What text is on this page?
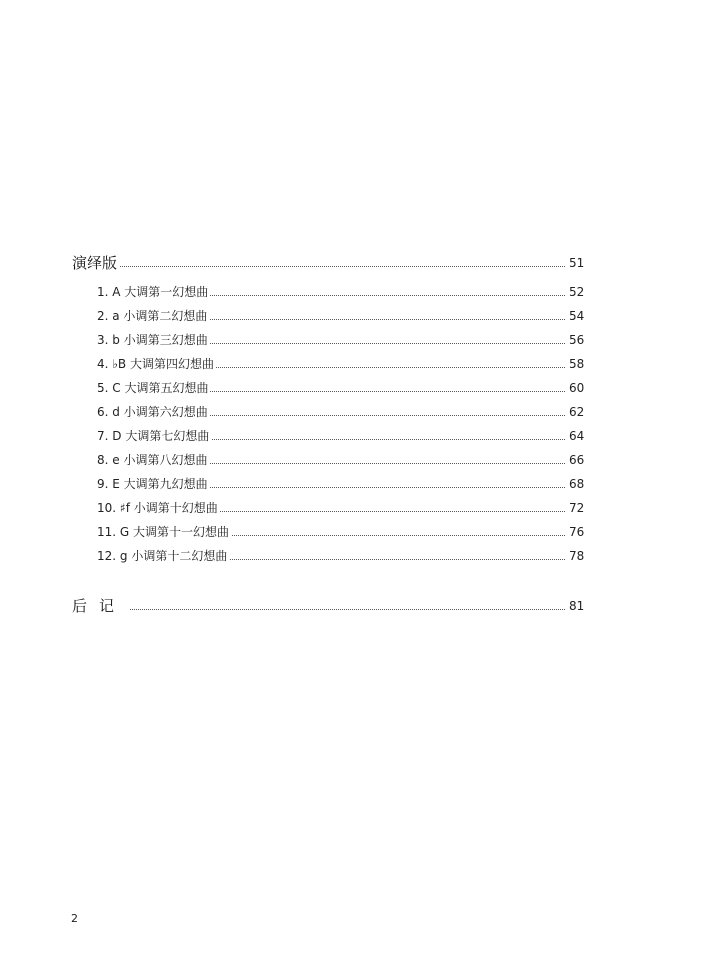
演绎版	51
1. A 大调第一幻想曲	52
2. a 小调第二幻想曲	54
3. b 小调第三幻想曲	56
4. ♭B 大调第四幻想曲	58
5. C 大调第五幻想曲	60
6. d 小调第六幻想曲	62
7. D 大调第七幻想曲	64
8. e 小调第八幻想曲	66
9. E 大调第九幻想曲	68
10. ♯f 小调第十幻想曲	72
11. G 大调第十一幻想曲	76
12. g 小调第十二幻想曲	78
后记	81
2
